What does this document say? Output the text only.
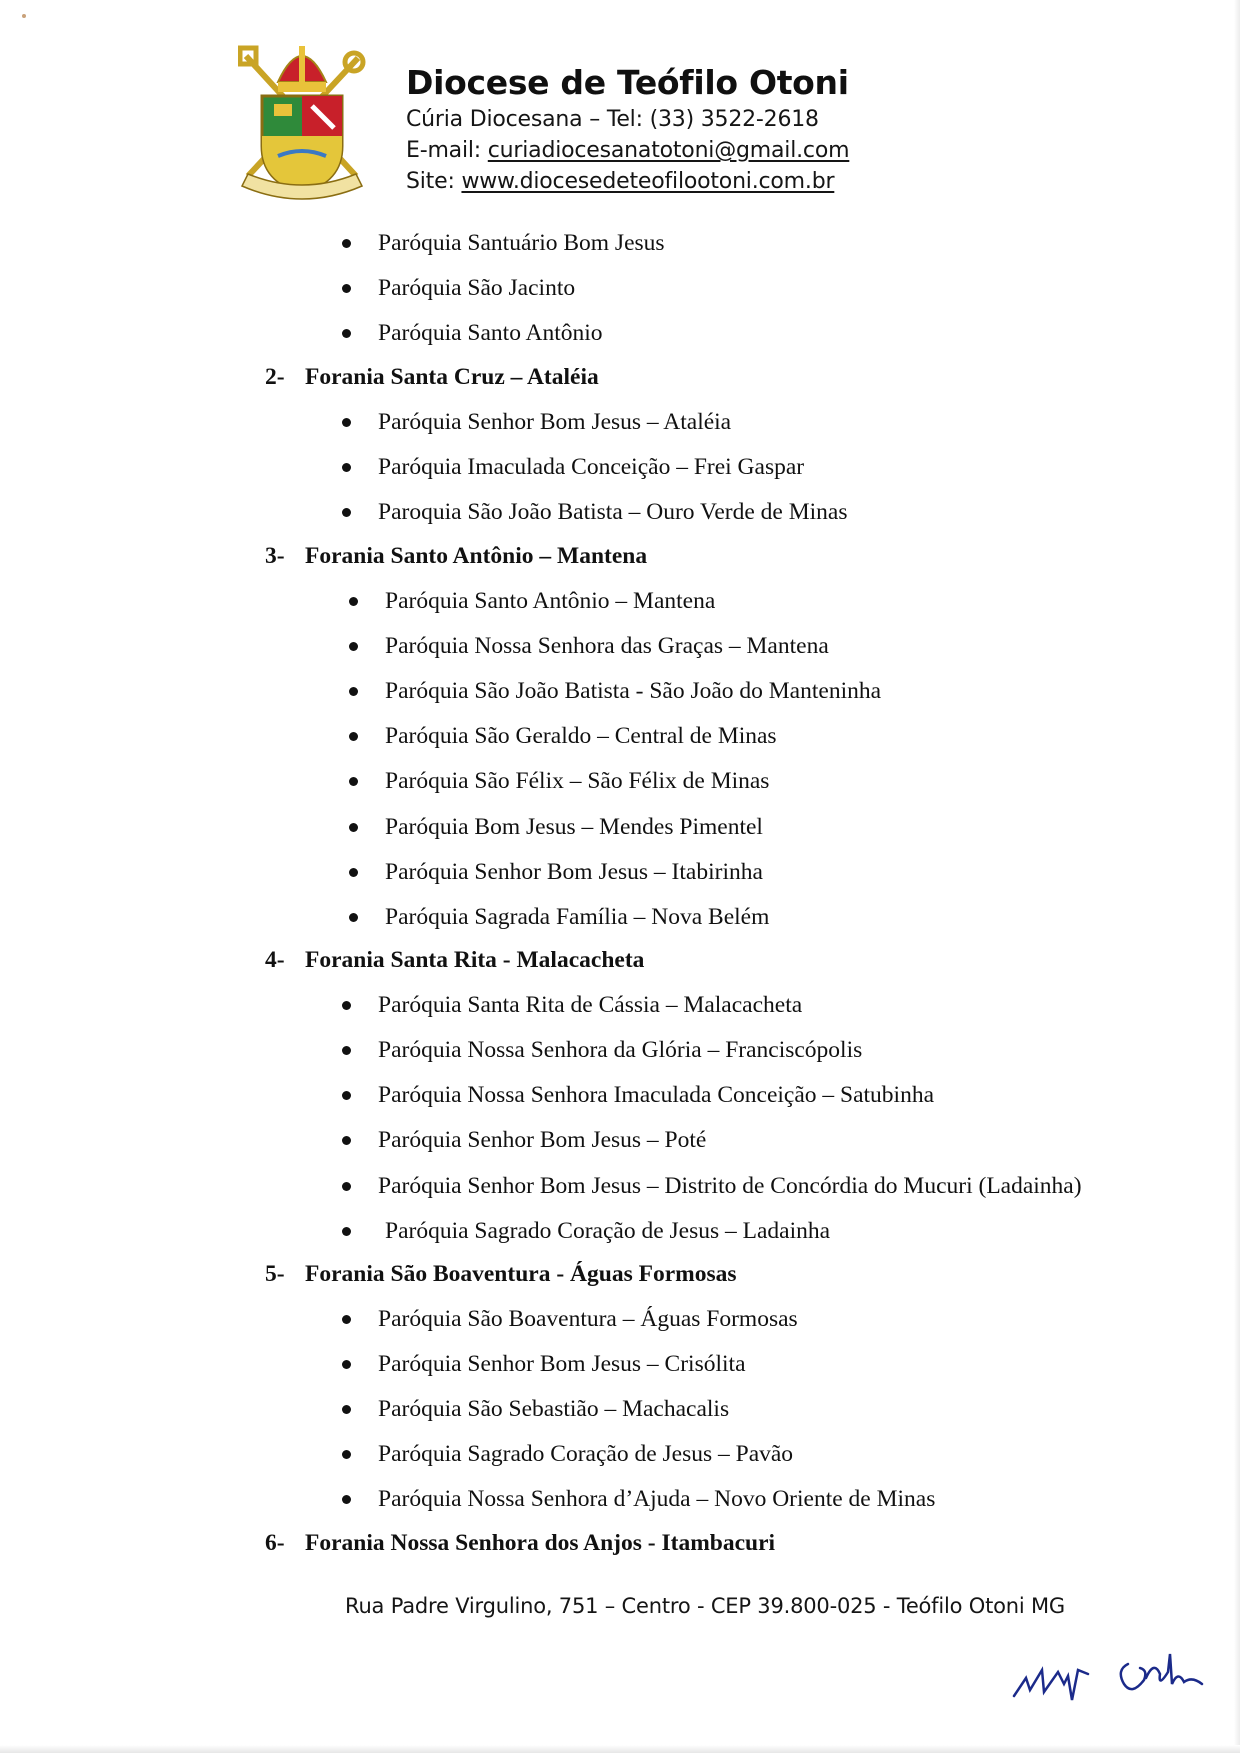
Diocese de Teófilo Otoni
Cúria Diocesana – Tel: (33) 3522-2618
E-mail: curiadiocesanatotoni@gmail.com
Site: www.diocesedeteofilootoni.com.br
Paróquia Santuário Bom Jesus
Paróquia São Jacinto
Paróquia Santo Antônio
2- Forania Santa Cruz – Ataléia
Paróquia Senhor Bom Jesus – Ataléia
Paróquia Imaculada Conceição – Frei Gaspar
Paroquia São João Batista – Ouro Verde de Minas
3- Forania Santo Antônio – Mantena
Paróquia Santo Antônio – Mantena
Paróquia Nossa Senhora das Graças – Mantena
Paróquia São João Batista - São João do Manteninha
Paróquia São Geraldo – Central de Minas
Paróquia São Félix – São Félix de Minas
Paróquia Bom Jesus – Mendes Pimentel
Paróquia Senhor Bom Jesus – Itabirinha
Paróquia Sagrada Família – Nova Belém
4- Forania Santa Rita - Malacacheta
Paróquia Santa Rita de Cássia – Malacacheta
Paróquia Nossa Senhora da Glória – Franciscópolis
Paróquia Nossa Senhora Imaculada Conceição – Satubinha
Paróquia Senhor Bom Jesus – Poté
Paróquia Senhor Bom Jesus – Distrito de Concórdia do Mucuri (Ladainha)
Paróquia Sagrado Coração de Jesus – Ladainha
5- Forania São Boaventura - Águas Formosas
Paróquia São Boaventura – Águas Formosas
Paróquia Senhor Bom Jesus – Crisólita
Paróquia São Sebastião – Machacalis
Paróquia Sagrado Coração de Jesus – Pavão
Paróquia Nossa Senhora d’Ajuda – Novo Oriente de Minas
6- Forania Nossa Senhora dos Anjos - Itambacuri
Rua Padre Virgulino, 751 – Centro - CEP 39.800-025 - Teófilo Otoni MG
